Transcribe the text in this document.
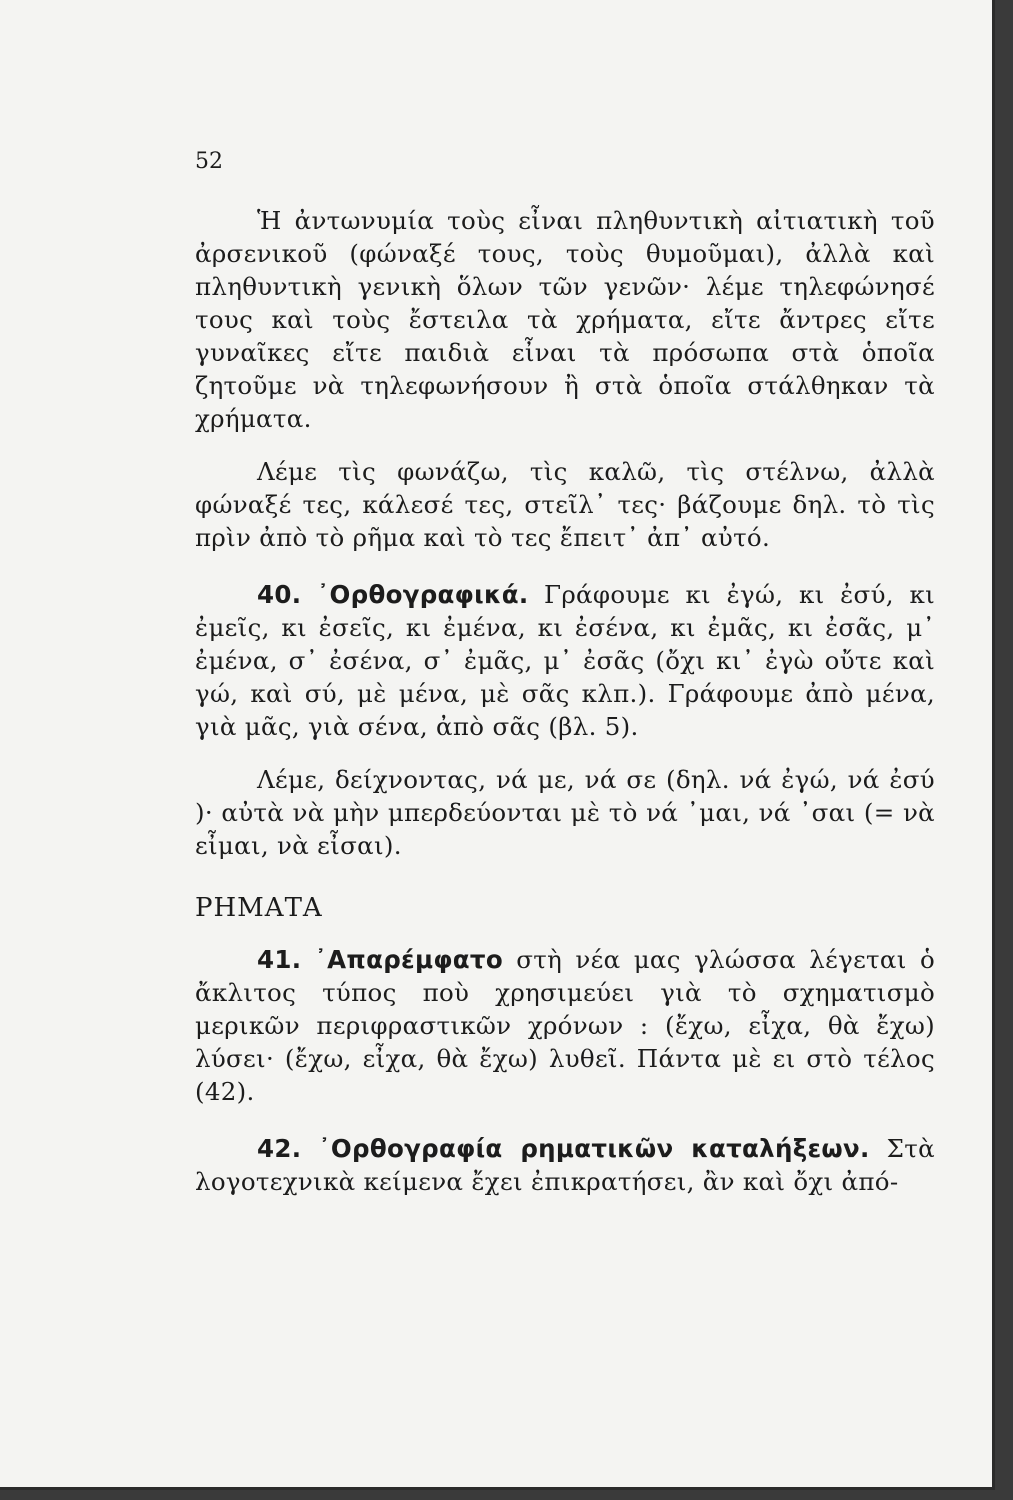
52

Ἡ ἀντωνυμία τοὺς εἶναι πληθυντικὴ αἰτιατικὴ τοῦ ἀρσενικοῦ (φώναξέ τους, τοὺς θυμοῦμαι), ἀλλὰ καὶ πληθυντικὴ γενικὴ ὅλων τῶν γενῶν· λέμε τηλεφώνησέ τους καὶ τοὺς ἔστειλα τὰ χρήματα, εἴτε ἄντρες εἴτε γυναῖκες εἴτε παιδιὰ εἶναι τὰ πρόσωπα στὰ ὁποῖα ζητοῦμε νὰ τηλεφωνήσουν ἢ στὰ ὁποῖα στάλθηκαν τὰ χρήματα.

Λέμε τὶς φωνάζω, τὶς καλῶ, τὶς στέλνω, ἀλλὰ φώναξέ τες, κάλεσέ τες, στεῖλ᾽ τες· βάζουμε δηλ. τὸ τὶς πρὶν ἀπὸ τὸ ρῆμα καὶ τὸ τες ἔπειτ᾽ ἀπ᾽ αὐτό.

40. ᾿Ορθογραφικά. Γράφουμε κι ἐγώ, κι ἐσύ, κι ἐμεῖς, κι ἐσεῖς, κι ἐμένα, κι ἐσένα, κι ἐμᾶς, κι ἐσᾶς, μ᾽ ἐμένα, σ᾽ ἐσένα, σ᾽ ἐμᾶς, μ᾽ ἐσᾶς (ὄχι κι᾽ ἐγὼ οὔτε καὶ γώ, καὶ σύ, μὲ μένα, μὲ σᾶς κλπ.). Γράφουμε ἀπὸ μένα, γιὰ μᾶς, γιὰ σένα, ἀπὸ σᾶς (βλ. 5).

Λέμε, δείχνοντας, νά με, νά σε (δηλ. νά ἐγώ, νά ἐσύ )· αὐτὰ νὰ μὴν μπερδεύονται μὲ τὸ νά ᾽μαι, νά ᾽σαι (= νὰ εἶμαι, νὰ εἶσαι).

ΡΗΜΑΤΑ

41. ᾿Απαρέμφατο στὴ νέα μας γλώσσα λέγεται ὁ ἄκλιτος τύπος ποὺ χρησιμεύει γιὰ τὸ σχηματισμὸ μερικῶν περιφραστικῶν χρόνων : (ἔχω, εἶχα, θὰ ἔχω) λύσει· (ἔχω, εἶχα, θὰ ἔχω) λυθεῖ. Πάντα μὲ ει στὸ τέλος (42).

42. ᾿Ορθογραφία ρηματικῶν καταλήξεων. Στὰ λογοτεχνικὰ κείμενα ἔχει ἐπικρατήσει, ἂν καὶ ὄχι ἀπό-
